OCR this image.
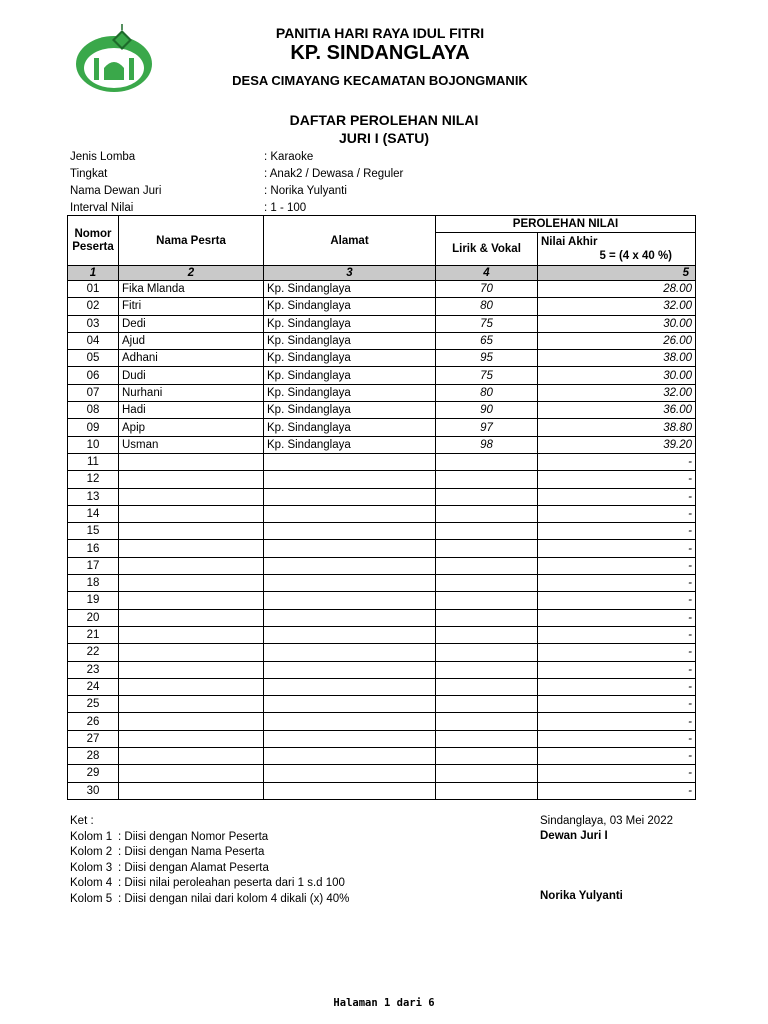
PANITIA HARI RAYA IDUL FITRI
KP. SINDANGLAYA
DESA CIMAYANG KECAMATAN BOJONGMANIK
DAFTAR PEROLEHAN NILAI
JURI I (SATU)
Jenis Lomba	: Karaoke
Tingkat	: Anak2 / Dewasa / Reguler
Nama Dewan Juri	: Norika Yulyanti
Interval Nilai	: 1 - 100
Nomor Peserta	Nama Pesrta	Alamat	PEROLEHAN NILAI	
			Lirik & Vokal	Nilai Akhir
5 = (4 x 40 %)

1	2	3	4	5
01	Fika Mlanda	Kp. Sindanglaya	70	28.00
02	Fitri	Kp. Sindanglaya	80	32.00
03	Dedi	Kp. Sindanglaya	75	30.00
04	Ajud	Kp. Sindanglaya	65	26.00
05	Adhani	Kp. Sindanglaya	95	38.00
06	Dudi	Kp. Sindanglaya	75	30.00
07	Nurhani	Kp. Sindanglaya	80	32.00
08	Hadi	Kp. Sindanglaya	90	36.00
09	Apip	Kp. Sindanglaya	97	38.80
10	Usman	Kp. Sindanglaya	98	39.20
11				-
12				-
13				-
14				-
15				-
16				-
17				-
18				-
19				-
20				-
21				-
22				-
23				-
24				-
25				-
26				-
27				-
28				-
29				-
30				-
Ket :
Kolom 1 : Diisi dengan Nomor Peserta
Kolom 2 : Diisi dengan Nama Peserta
Kolom 3 : Diisi dengan Alamat Peserta
Kolom 4 : Diisi nilai peroleahan peserta dari 1 s.d 100
Kolom 5 : Diisi dengan nilai dari kolom 4 dikali (x) 40%
Sindanglaya, 03 Mei 2022
Dewan Juri I
Norika Yulyanti
Halaman 1 dari 6
